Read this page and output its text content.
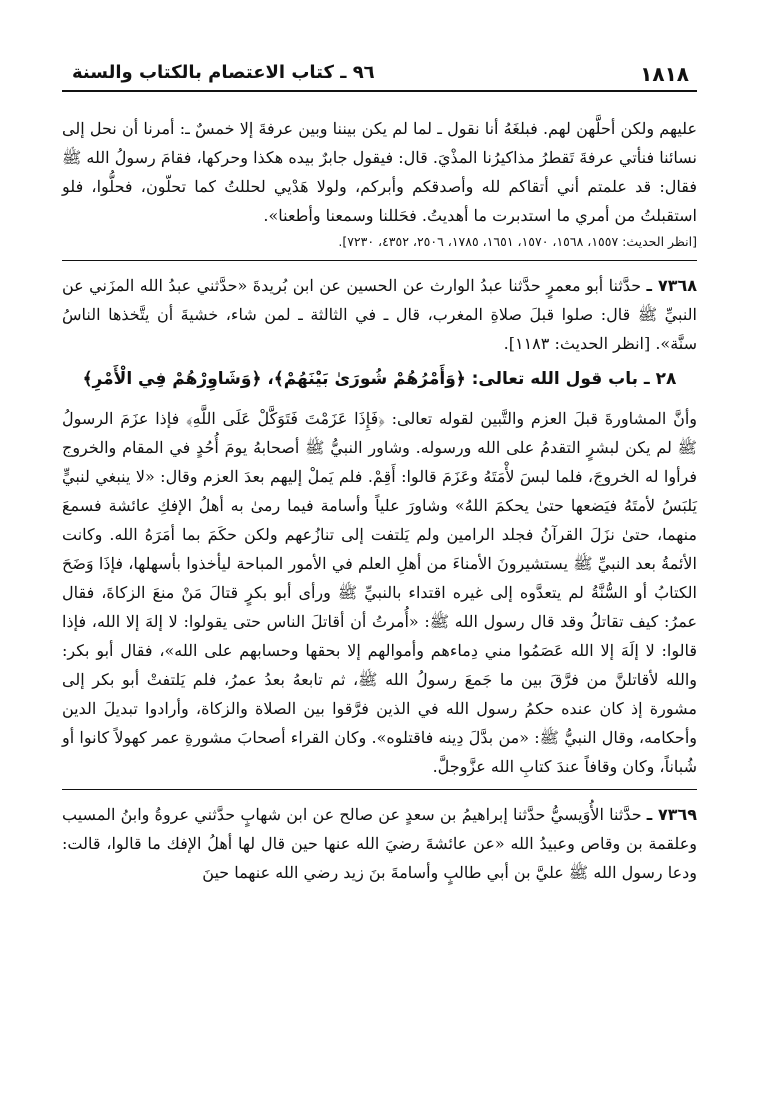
١٨١٨
٩٦ ـ كتاب الاعتصام بالكتاب والسنة

عليهم ولكن أحلَّهن لهم. فبلغَهُ أنا نقول ـ لما لم يكن بيننا وبين عرفةَ إلا خمسٌ ـ: أمرنا أن نحل إلى نسائنا فنأتي عرفةَ تَقطرُ مذاكيرُنا المذْيَ. قال: فيقول جابرٌ بيده هكذا وحركها، فقامَ رسولُ الله ﷺ فقال: قد علمتم أني أتقاكم لله وأصدقكم وأبركم، ولولا هَدْيي لحللتُ كما تحلّون، فحلُّوا، فلو استقبلتُ من أمري ما استدبرت ما أهديتُ. فحَللنا وسمعنا وأطعنا».

[انظر الحديث: ١٥٥٧، ١٥٦٨، ١٥٧٠، ١٦٥١، ١٧٨٥، ٢٥٠٦، ٤٣٥٢، ٧٢٣٠].

٧٣٦٨ ـ حدَّثنا أبو معمرٍ حدَّثنا عبدُ الوارث عن الحسين عن ابن بُريدةَ «حدَّثني عبدُ الله المزَني عن النبيِّ ﷺ قال: صلوا قبلَ صلاةِ المغرب، قال ـ في الثالثة ـ لمن شاء، خشيةَ أن يتَّخذها الناسُ سنَّة». [انظر الحديث: ١١٨٣].

٢٨ ـ باب قول الله تعالى: ﴿وَأَمْرُهُمْ شُورَىٰ بَيْنَهُمْ﴾، ﴿وَشَاوِرْهُمْ فِي الْأَمْرِ﴾

وأنَّ المشاورةَ قبلَ العزم والتَّبين لقوله تعالى: ﴿فَإِذَا عَزَمْتَ فَتَوَكَّلْ عَلَى اللَّهِ﴾ فإذا عزَمَ الرسولُ ﷺ لم يكن لبشرٍ التقدمُ على الله ورسوله. وشاور النبيُّ ﷺ أصحابهُ يومَ أُحُدٍ في المقام والخروج فرأوا له الخروجَ، فلما لبسَ لأْمَتَهُ وعَزَمَ قالوا: أَقِمْ. فلم يَملْ إليهم بعدَ العزم وقال: «لا ينبغي لنبيٍّ يَلبَسُ لأمتَهُ فيَضعها حتىٰ يحكمَ اللهُ» وشاورَ علياً وأسامة فيما رمىٰ به أهلُ الإفكِ عائشة فسمعَ منهما، حتىٰ نزَلَ القرآنُ فجلد الرامين ولم يَلتفت إلى تنازُعهم ولكن حكَمَ بما أمَرَهُ الله. وكانت الأئمةُ بعد النبيِّ ﷺ يستشيرونَ الأمناءَ من أهلِ العلم في الأمور المباحة ليأخذوا بأسهلها، فإذَا وَضَحَ الكتابُ أو السُّنَّةُ لم يتعدَّوه إلى غيره اقتداء بالنبيِّ ﷺ ورأى أبو بكرٍ قتالَ مَنْ منعَ الزكاةَ، فقال عمرُ: كيف تقاتلُ وقد قال رسول الله ﷺ: «أُمرتُ أن أقاتلَ الناس حتى يقولوا: لا إلهَ إلا الله، فإذا قالوا: لا إلَهَ إلا الله عَصَمُوا مني دِماءهم وأموالهم إلا بحقها وحسابهم على الله»، فقال أبو بكر: والله لأقاتلنَّ من فرَّقَ بين ما جَمعَ رسولُ الله ﷺ، ثم تابعهُ بعدُ عمرُ، فلم يَلتفتْ أبو بكر إلى مشورة إذ كان عنده حكمُ رسول الله في الذين فرَّقوا بين الصلاة والزكاة، وأرادوا تبديلَ الدين وأحكامه، وقال النبيُّ ﷺ: «من بدَّلَ دِينه فاقتلوه». وكان القراء أصحابَ مشورةِ عمر كهولاً كانوا أو شُباناً، وكان وقافاً عندَ كتابِ الله عزَّوجلَّ.

٧٣٦٩ ـ حدَّثنا الأُوَيسيُّ حدَّثنا إبراهيمُ بن سعدٍ عن صالح عن ابن شهابٍ حدَّثني عروةُ وابنُ المسيب وعلقمة بن وقاص وعبيدُ الله «عن عائشةَ رضيَ الله عنها حين قال لها أهلُ الإفك ما قالوا، قالت: ودعا رسول الله ﷺ عليَّ بن أبي طالبٍ وأسامةَ بنَ زيد رضي الله عنهما حينَ
